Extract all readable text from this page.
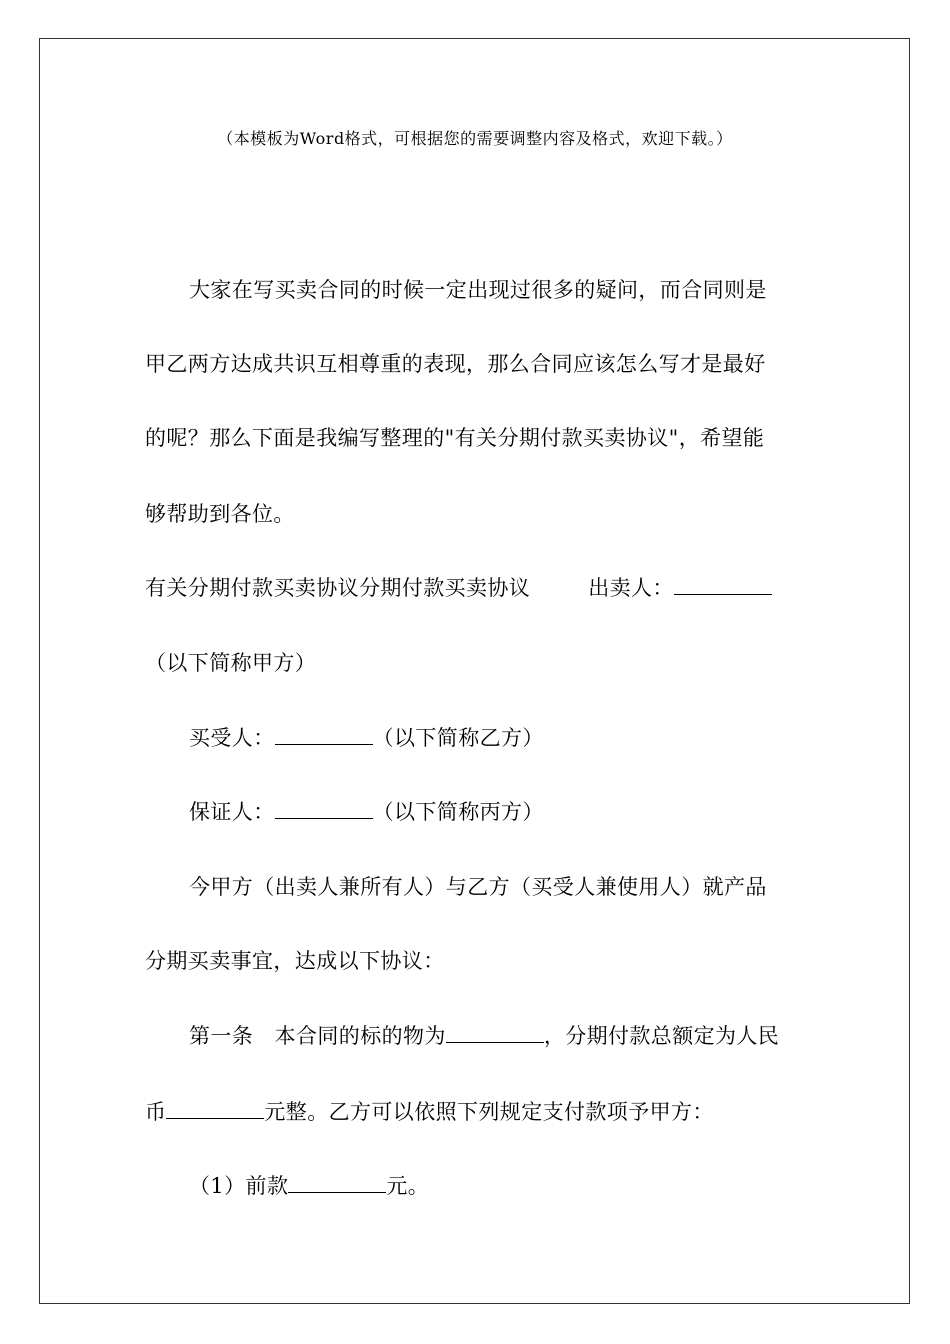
（本模板为Word格式，可根据您的需要调整内容及格式，欢迎下载。）
大家在写买卖合同的时候一定出现过很多的疑问，而合同则是
甲乙两方达成共识互相尊重的表现，那么合同应该怎么写才是最好
的呢？那么下面是我编写整理的"有关分期付款买卖协议"，希望能
够帮助到各位。
有关分期付款买卖协议分期付款买卖协议	出卖人：
（以下简称甲方）
买受人：	（以下简称乙方）
保证人：	（以下简称丙方）
今甲方（出卖人兼所有人）与乙方（买受人兼使用人）就产品
分期买卖事宜，达成以下协议：
第一条　本合同的标的物为	，分期付款总额定为人民
币	元整。乙方可以依照下列规定支付款项予甲方：
（1）前款	元。
